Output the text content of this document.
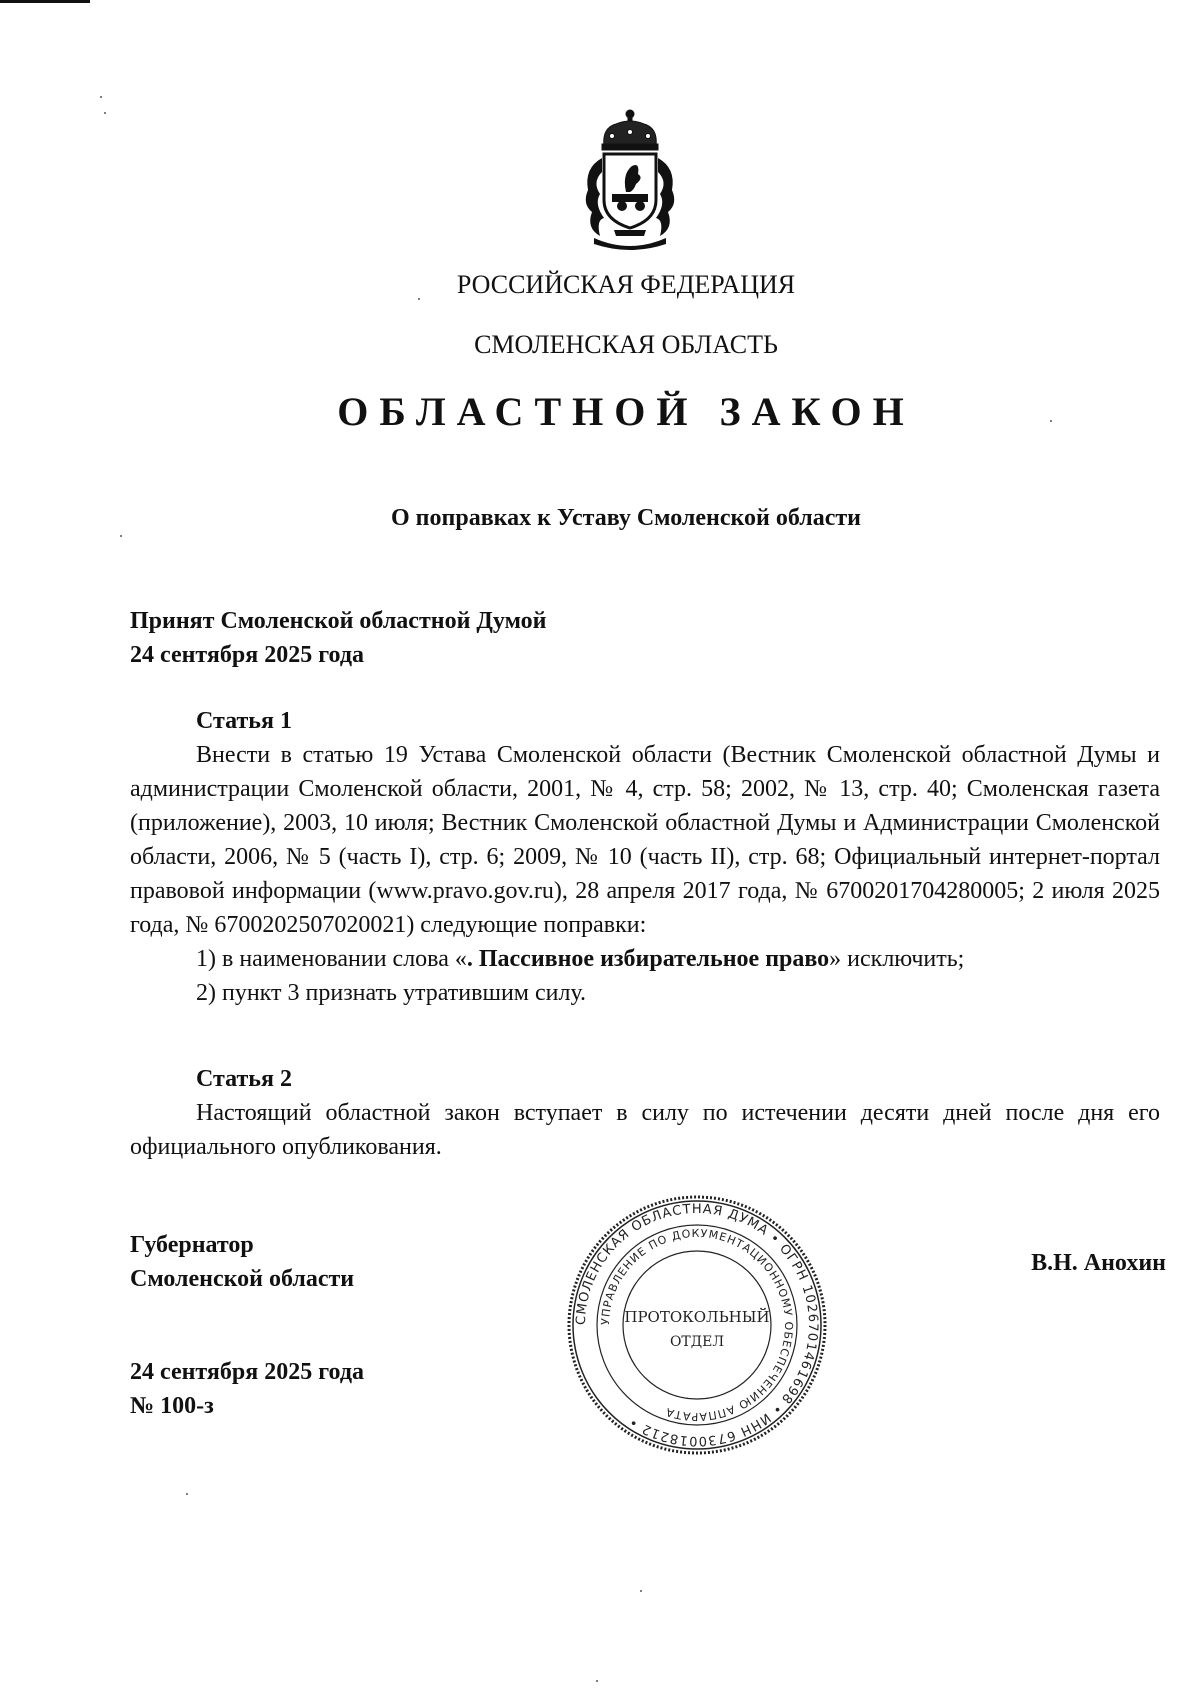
РОССИЙСКАЯ ФЕДЕРАЦИЯ
СМОЛЕНСКАЯ ОБЛАСТЬ
ОБЛАСТНОЙ ЗАКОН
О поправках к Уставу Смоленской области
Принят Смоленской областной Думой
24 сентября 2025 года
Статья 1

Внести в статью 19 Устава Смоленской области (Вестник Смоленской областной Думы и администрации Смоленской области, 2001, № 4, стр. 58; 2002, № 13, стр. 40; Смоленская газета (приложение), 2003, 10 июля; Вестник Смоленской областной Думы и Администрации Смоленской области, 2006, № 5 (часть I), стр. 6; 2009, № 10 (часть II), стр. 68; Официальный интернет-портал правовой информации (www.pravo.gov.ru), 28 апреля 2017 года, № 6700201704280005; 2 июля 2025 года, № 6700202507020021) следующие поправки:

1) в наименовании слова «. Пассивное избирательное право» исключить;

2) пункт 3 признать утратившим силу.

Статья 2

Настоящий областной закон вступает в силу по истечении десяти дней после дня его официального опубликования.

Губернатор
Смоленской области
В.Н. Анохин
24 сентября 2025 года
№ 100-з
СМОЛЕНСКАЯ ОБЛАСТНАЯ ДУМА • ОГРН 1026701461698 • ИНН 6730018212 •
УПРАВЛЕНИЕ ПО ДОКУМЕНТАЦИОННОМУ ОБЕСПЕЧЕНИЮ АППАРАТА
ПРОТОКОЛЬНЫЙ
ОТДЕЛ
